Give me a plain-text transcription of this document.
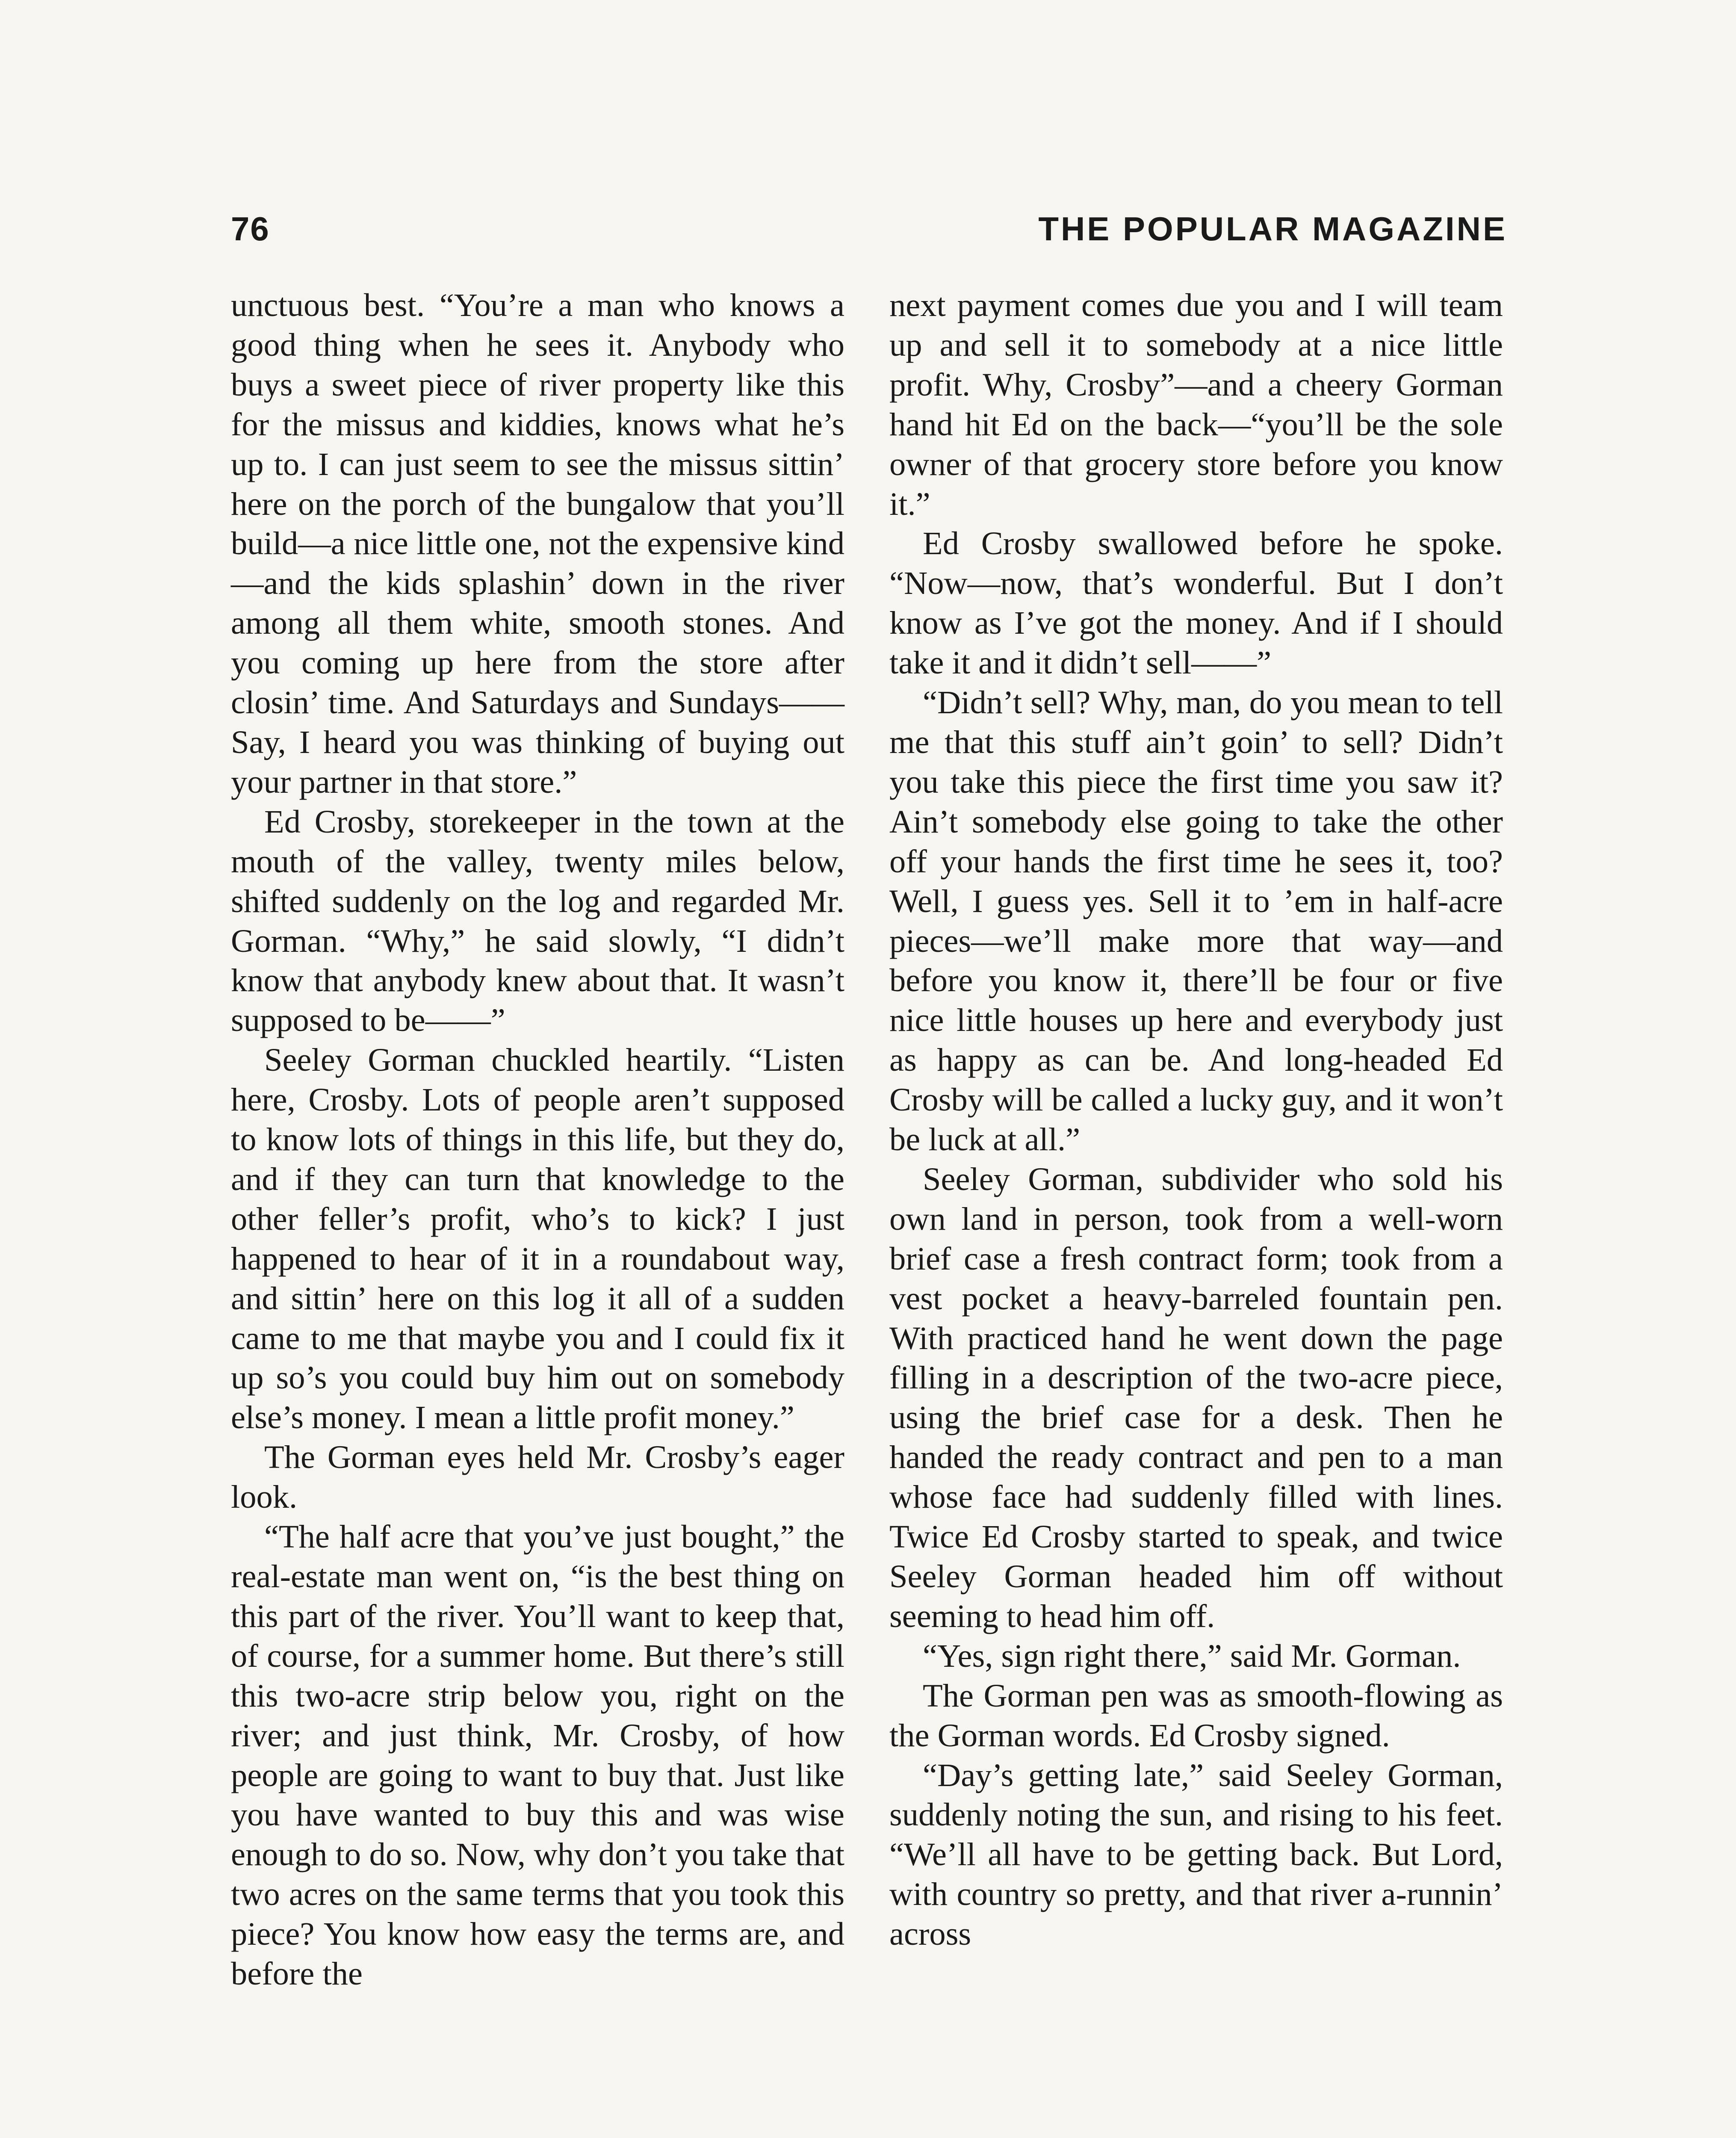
76	THE POPULAR MAGAZINE

unctuous best. “You’re a man who knows a good thing when he sees it. Anybody who buys a sweet piece of river property like this for the missus and kiddies, knows what he’s up to. I can just seem to see the missus sittin’ here on the porch of the bungalow that you’ll build—a nice little one, not the expensive kind—and the kids splashin’ down in the river among all them white, smooth stones. And you coming up here from the store after closin’ time. And Saturdays and Sundays—— Say, I heard you was thinking of buying out your partner in that store.”

Ed Crosby, storekeeper in the town at the mouth of the valley, twenty miles below, shifted suddenly on the log and regarded Mr. Gorman. “Why,” he said slowly, “I didn’t know that anybody knew about that. It wasn’t supposed to be——”

Seeley Gorman chuckled heartily. “Listen here, Crosby. Lots of people aren’t supposed to know lots of things in this life, but they do, and if they can turn that knowledge to the other feller’s profit, who’s to kick? I just happened to hear of it in a roundabout way, and sittin’ here on this log it all of a sudden came to me that maybe you and I could fix it up so’s you could buy him out on somebody else’s money. I mean a little profit money.”

The Gorman eyes held Mr. Crosby’s eager look.

“The half acre that you’ve just bought,” the real-estate man went on, “is the best thing on this part of the river. You’ll want to keep that, of course, for a summer home. But there’s still this two-acre strip below you, right on the river; and just think, Mr. Crosby, of how people are going to want to buy that. Just like you have wanted to buy this and was wise enough to do so. Now, why don’t you take that two acres on the same terms that you took this piece? You know how easy the terms are, and before the

next payment comes due you and I will team up and sell it to somebody at a nice little profit. Why, Crosby”—and a cheery Gorman hand hit Ed on the back—“you’ll be the sole owner of that grocery store before you know it.”

Ed Crosby swallowed before he spoke. “Now—now, that’s wonderful. But I don’t know as I’ve got the money. And if I should take it and it didn’t sell——”

“Didn’t sell? Why, man, do you mean to tell me that this stuff ain’t goin’ to sell? Didn’t you take this piece the first time you saw it? Ain’t somebody else going to take the other off your hands the first time he sees it, too? Well, I guess yes. Sell it to ’em in half-acre pieces—we’ll make more that way—and before you know it, there’ll be four or five nice little houses up here and everybody just as happy as can be. And long-headed Ed Crosby will be called a lucky guy, and it won’t be luck at all.”

Seeley Gorman, subdivider who sold his own land in person, took from a well-worn brief case a fresh contract form; took from a vest pocket a heavy-barreled fountain pen. With practiced hand he went down the page filling in a description of the two-acre piece, using the brief case for a desk. Then he handed the ready contract and pen to a man whose face had suddenly filled with lines. Twice Ed Crosby started to speak, and twice Seeley Gorman headed him off without seeming to head him off.

“Yes, sign right there,” said Mr. Gorman.

The Gorman pen was as smooth-flowing as the Gorman words. Ed Crosby signed.

“Day’s getting late,” said Seeley Gorman, suddenly noting the sun, and rising to his feet. “We’ll all have to be getting back. But Lord, with country so pretty, and that river a-runnin’ across
